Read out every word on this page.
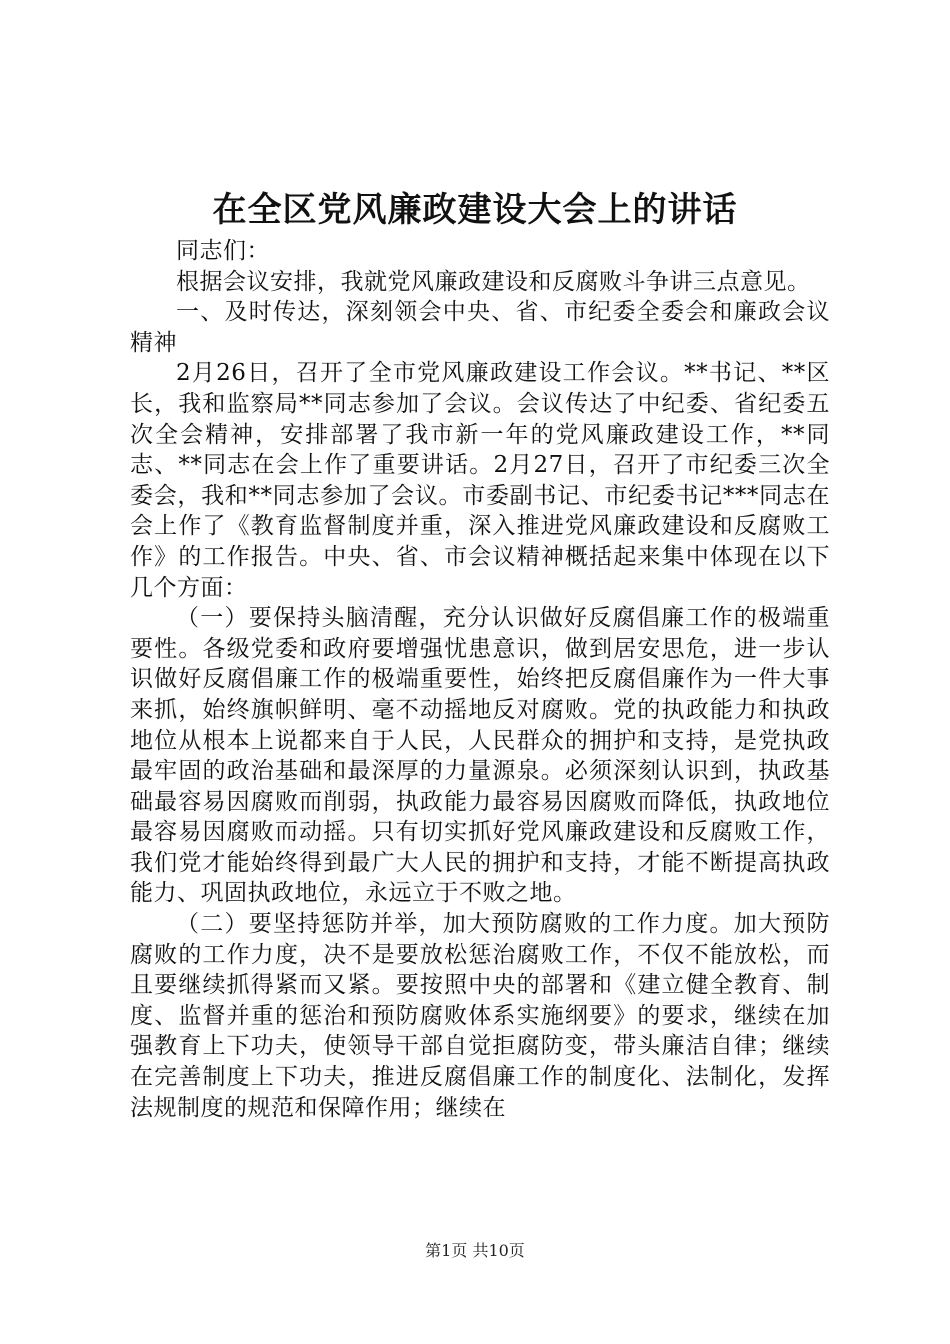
在全区党风廉政建设大会上的讲话

同志们：

根据会议安排，我就党风廉政建设和反腐败斗争讲三点意见。

一、及时传达，深刻领会中央、省、市纪委全委会和廉政会议精神

2月26日，召开了全市党风廉政建设工作会议。**书记、**区长，我和监察局**同志参加了会议。会议传达了中纪委、省纪委五次全会精神，安排部署了我市新一年的党风廉政建设工作，**同志、**同志在会上作了重要讲话。2月27日，召开了市纪委三次全委会，我和**同志参加了会议。市委副书记、市纪委书记***同志在会上作了《教育监督制度并重，深入推进党风廉政建设和反腐败工作》的工作报告。中央、省、市会议精神概括起来集中体现在以下几个方面：

（一）要保持头脑清醒，充分认识做好反腐倡廉工作的极端重要性。各级党委和政府要增强忧患意识，做到居安思危，进一步认识做好反腐倡廉工作的极端重要性，始终把反腐倡廉作为一件大事来抓，始终旗帜鲜明、毫不动摇地反对腐败。党的执政能力和执政地位从根本上说都来自于人民，人民群众的拥护和支持，是党执政最牢固的政治基础和最深厚的力量源泉。必须深刻认识到，执政基础最容易因腐败而削弱，执政能力最容易因腐败而降低，执政地位最容易因腐败而动摇。只有切实抓好党风廉政建设和反腐败工作，我们党才能始终得到最广大人民的拥护和支持，才能不断提高执政能力、巩固执政地位，永远立于不败之地。

（二）要坚持惩防并举，加大预防腐败的工作力度。加大预防腐败的工作力度，决不是要放松惩治腐败工作，不仅不能放松，而且要继续抓得紧而又紧。要按照中央的部署和《建立健全教育、制度、监督并重的惩治和预防腐败体系实施纲要》的要求，继续在加强教育上下功夫，使领导干部自觉拒腐防变，带头廉洁自律；继续在完善制度上下功夫，推进反腐倡廉工作的制度化、法制化，发挥法规制度的规范和保障作用；继续在

第1页 共10页
